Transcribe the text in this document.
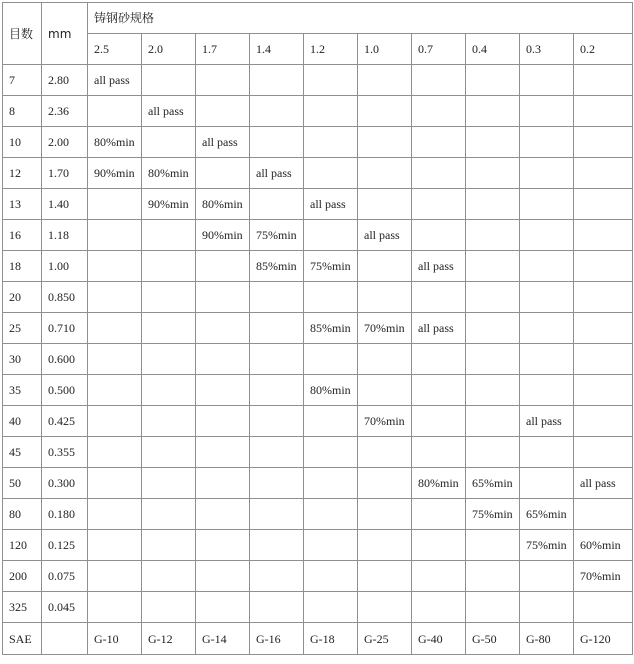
目数	mm	铸钢砂规格									
		2.5	2.0	1.7	1.4	1.2	1.0	0.7	0.4	0.3	0.2
7	2.80	all pass									
8	2.36		all pass								
10	2.00	80%min		all pass							
12	1.70	90%min	80%min		all pass						
13	1.40		90%min	80%min		all pass					
16	1.18			90%min	75%min		all pass				
18	1.00				85%min	75%min		all pass			
20	0.850										
25	0.710					85%min	70%min	all pass			
30	0.600										
35	0.500					80%min					
40	0.425						70%min			all pass	
45	0.355										
50	0.300							80%min	65%min		all pass
80	0.180								75%min	65%min	
120	0.125									75%min	60%min
200	0.075										70%min
325	0.045										
SAE		G-10	G-12	G-14	G-16	G-18	G-25	G-40	G-50	G-80	G-120
